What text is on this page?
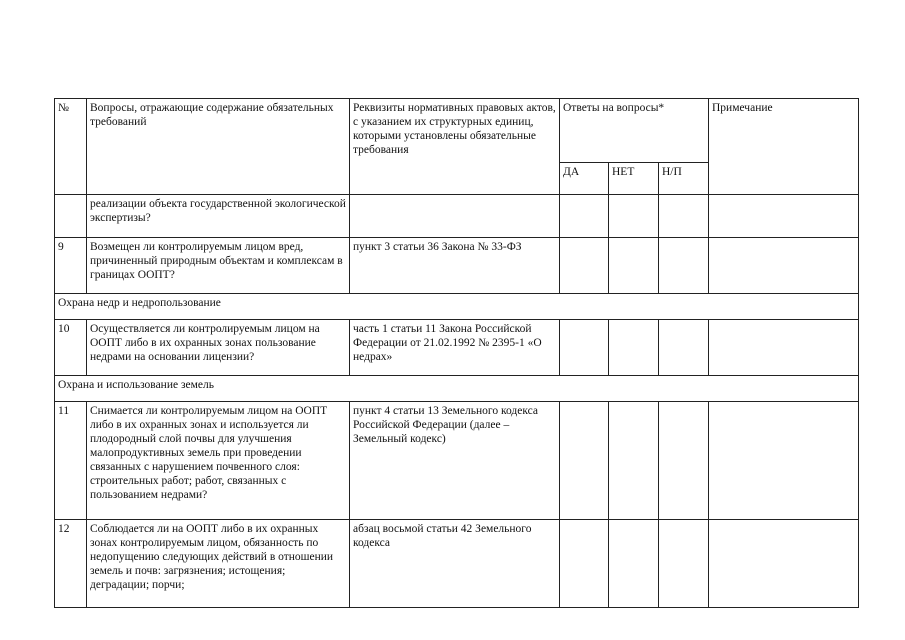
№	Вопросы, отражающие содержание обязательных требований	Реквизиты нормативных правовых актов, с указанием их структурных единиц, которыми установлены обязательные требования	Ответы на вопросы*			Примечание
			ДА	НЕТ	Н/П	
	реализации объекта государственной экологической экспертизы?					
9	Возмещен ли контролируемым лицом вред, причиненный природным объектам и комплексам в границах ООПТ?	пункт 3 статьи 36 Закона № 33-ФЗ				
Охрана недр и недропользование						
10	Осуществляется ли контролируемым лицом на ООПТ либо в их охранных зонах пользование недрами на основании лицензии?	часть 1 статьи 11 Закона Российской Федерации от 21.02.1992 № 2395-1 «О недрах»				
Охрана и использование земель						
11	Снимается ли контролируемым лицом на ООПТ либо в их охранных зонах и используется ли плодородный слой почвы для улучшения малопродуктивных земель при проведении связанных с нарушением почвенного слоя: строительных работ; работ, связанных с пользованием недрами?	пункт 4 статьи 13 Земельного кодекса Российской Федерации (далее – Земельный кодекс)				
12	Соблюдается ли на ООПТ либо в их охранных зонах контролируемым лицом, обязанность по недопущению следующих действий в отношении земель и почв: загрязнения; истощения; деградации; порчи;	абзац восьмой статьи 42 Земельного кодекса				
